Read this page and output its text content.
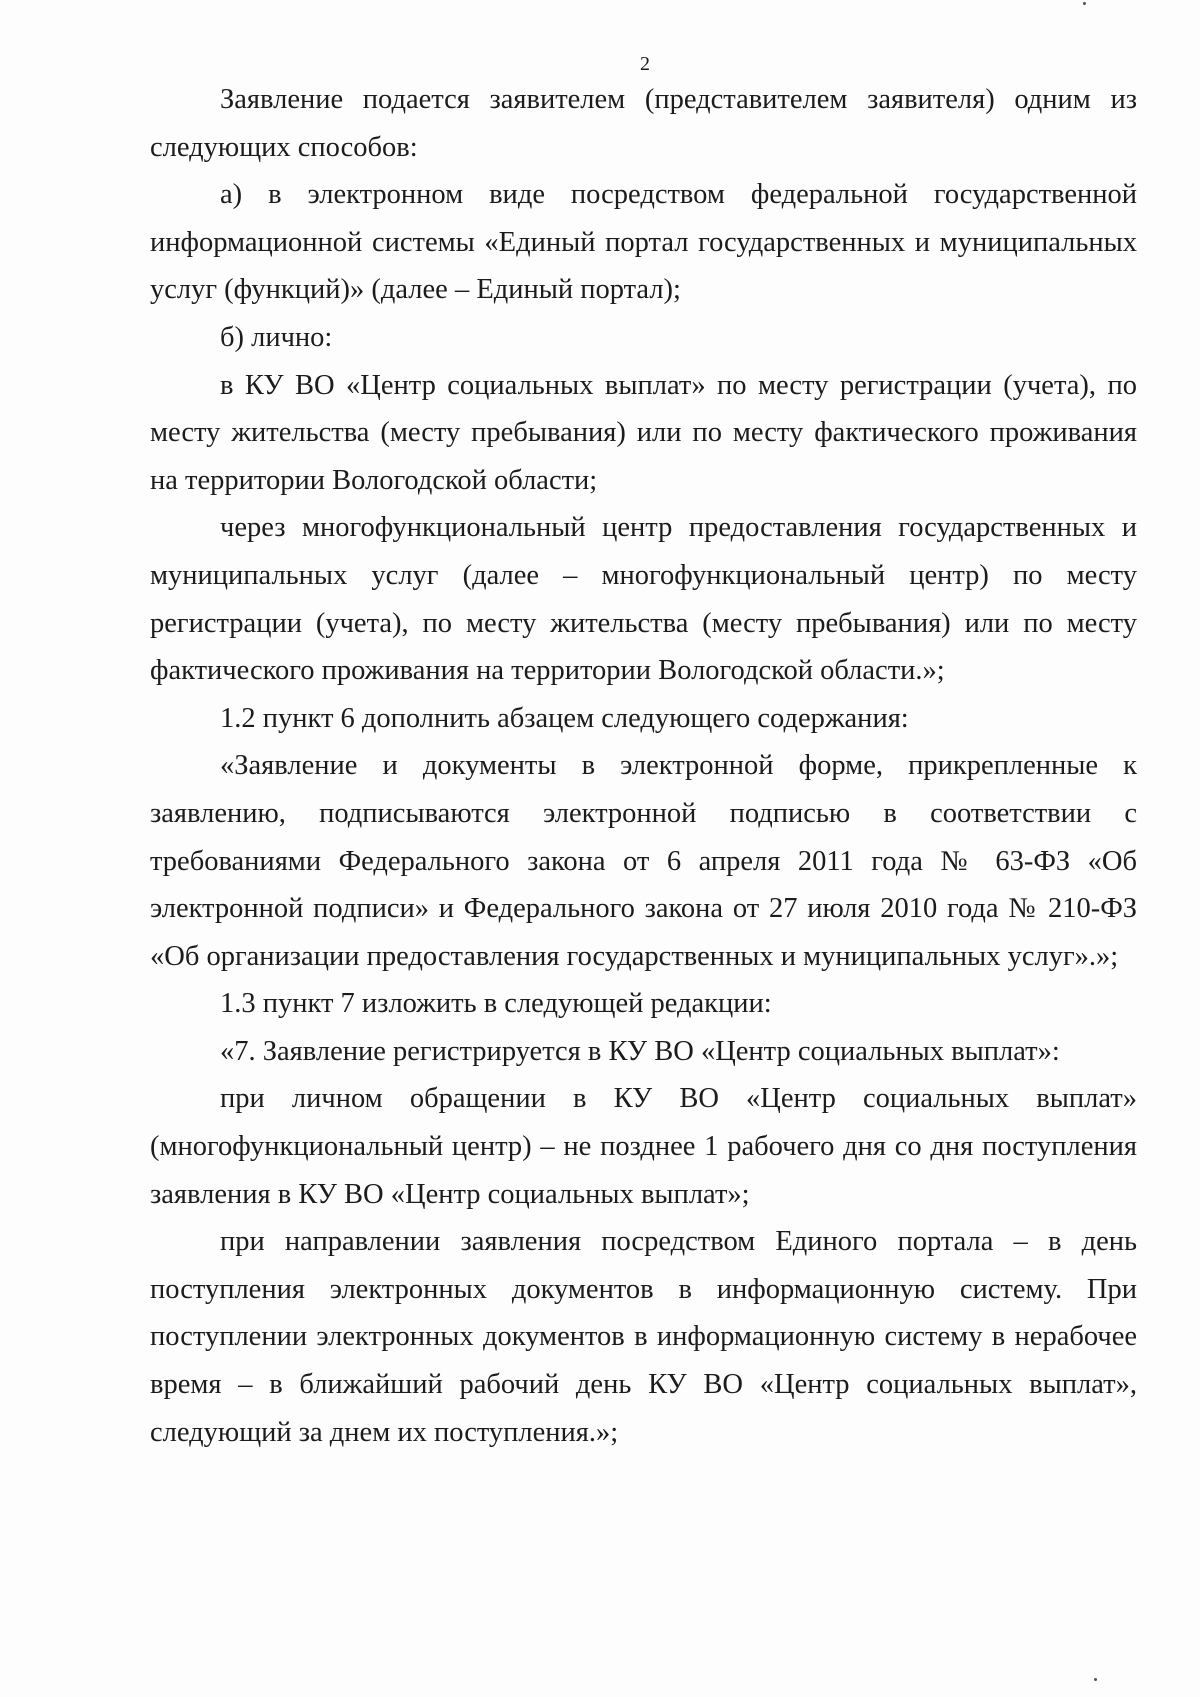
2

Заявление подается заявителем (представителем заявителя) одним из следующих способов:

а) в электронном виде посредством федеральной государственной информационной системы «Единый портал государственных и муниципальных услуг (функций)» (далее – Единый портал);

б) лично:

в КУ ВО «Центр социальных выплат» по месту регистрации (учета), по месту жительства (месту пребывания) или по месту фактического проживания на территории Вологодской области;

через многофункциональный центр предоставления государственных и муниципальных услуг (далее – многофункциональный центр) по месту регистрации (учета), по месту жительства (месту пребывания) или по месту фактического проживания на территории Вологодской области.»;

1.2 пункт 6 дополнить абзацем следующего содержания:

«Заявление и документы в электронной форме, прикрепленные к заявлению, подписываются электронной подписью в соответствии с требованиями Федерального закона от 6 апреля 2011 года № 63-ФЗ «Об электронной подписи» и Федерального закона от 27 июля 2010 года № 210-ФЗ «Об организации предоставления государственных и муниципальных услуг».»;

1.3 пункт 7 изложить в следующей редакции:

«7. Заявление регистрируется в КУ ВО «Центр социальных выплат»:

при личном обращении в КУ ВО «Центр социальных выплат» (многофункциональный центр) – не позднее 1 рабочего дня со дня поступления заявления в КУ ВО «Центр социальных выплат»;

при направлении заявления посредством Единого портала – в день поступления электронных документов в информационную систему. При поступлении электронных документов в информационную систему в нерабочее время – в ближайший рабочий день КУ ВО «Центр социальных выплат», следующий за днем их поступления.»;
